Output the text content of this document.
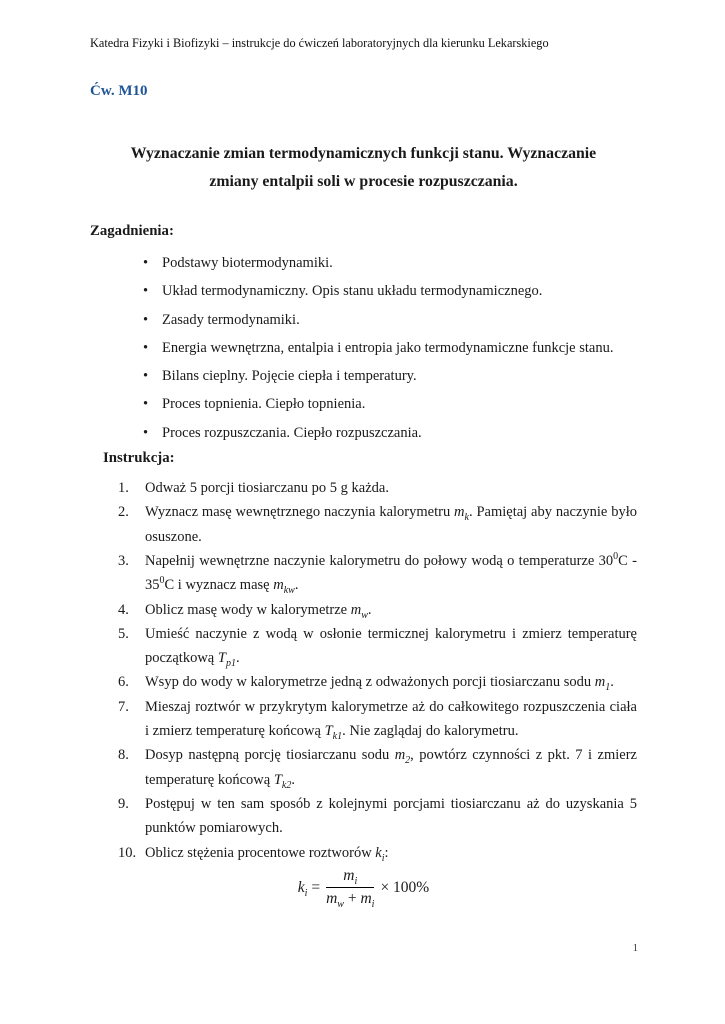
Katedra Fizyki i Biofizyki – instrukcje do ćwiczeń laboratoryjnych dla kierunku Lekarskiego
Ćw. M10
Wyznaczanie zmian termodynamicznych funkcji stanu. Wyznaczanie
zmiany entalpii soli w procesie rozpuszczania.
Zagadnienia:
• Podstawy biotermodynamiki.
• Układ termodynamiczny. Opis stanu układu termodynamicznego.
• Zasady termodynamiki.
• Energia wewnętrzna, entalpia i entropia jako termodynamiczne funkcje stanu.
• Bilans cieplny. Pojęcie ciepła i temperatury.
• Proces topnienia. Ciepło topnienia.
• Proces rozpuszczania. Ciepło rozpuszczania.
Instrukcja:
1. Odważ 5 porcji tiosiarczanu po 5 g każda.
2. Wyznacz masę wewnętrznego naczynia kalorymetru $m_k$. Pamiętaj aby naczynie było osuszone.
3. Napełnij wewnętrzne naczynie kalorymetru do połowy wodą o temperaturze $30^0C - 35^0C$ i wyznacz masę $m_{kw}$.
4. Oblicz masę wody w kalorymetrze $m_w$.
5. Umieść naczynie z wodą w osłonie termicznej kalorymetru i zmierz temperaturę początkową $T_{p1}$.
6. Wsyp do wody w kalorymetrze jedną z odważonych porcji tiosiarczanu sodu $m_1$.
7. Mieszaj roztwór w przykrytym kalorymetrze aż do całkowitego rozpuszczenia ciała i zmierz temperaturę końcową $T_{k1}$. Nie zaglądaj do kalorymetru.
8. Dosyp następną porcję tiosiarczanu sodu $m_2$, powtórz czynności z pkt. 7 i zmierz temperaturę końcową $T_{k2}$.
9. Postępuj w ten sam sposób z kolejnymi porcjami tiosiarczanu aż do uzyskania 5 punktów pomiarowych.
10. Oblicz stężenia procentowe roztworów $k_i$:
$k_i = \frac{m_i}{m_w + m_i} \times 100\%$
1
